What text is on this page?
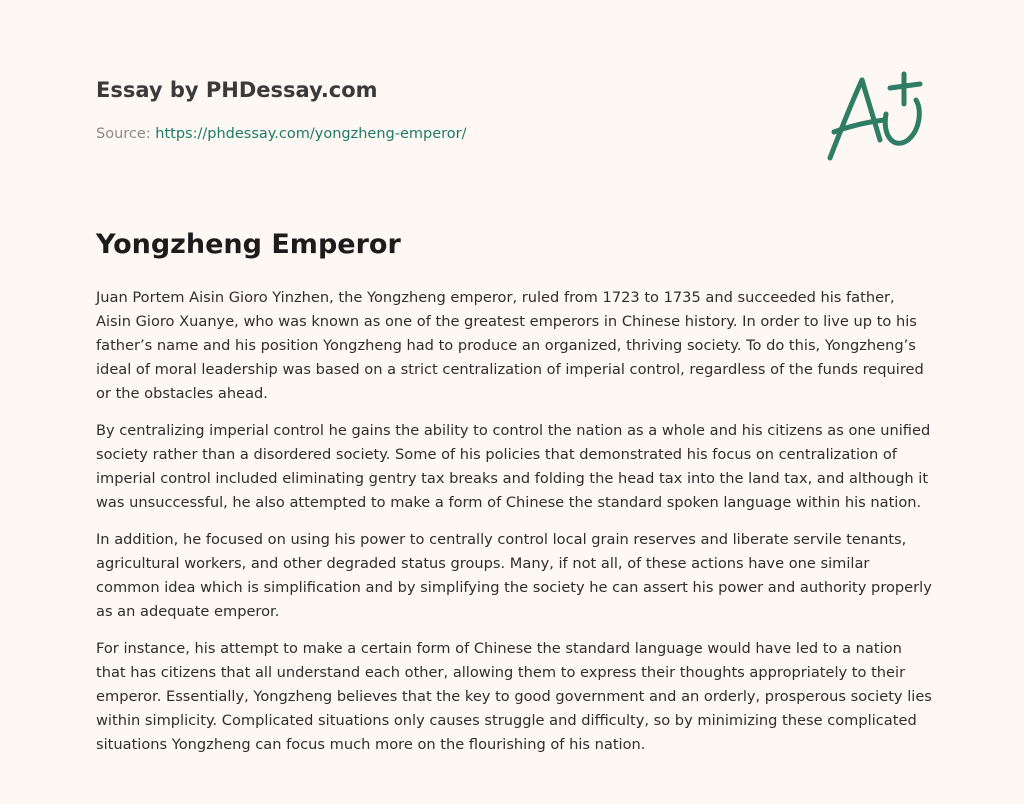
Essay by PHDessay.com
Source: https://phdessay.com/yongzheng-emperor/
Yongzheng Emperor

Juan Portem Aisin Gioro Yinzhen, the Yongzheng emperor, ruled from 1723 to 1735 and succeeded his father, Aisin Gioro Xuanye, who was known as one of the greatest emperors in Chinese history. In order to live up to his father’s name and his position Yongzheng had to produce an organized, thriving society. To do this, Yongzheng’s ideal of moral leadership was based on a strict centralization of imperial control, regardless of the funds required or the obstacles ahead.

By centralizing imperial control he gains the ability to control the nation as a whole and his citizens as one unified society rather than a disordered society. Some of his policies that demonstrated his focus on centralization of imperial control included eliminating gentry tax breaks and folding the head tax into the land tax, and although it was unsuccessful, he also attempted to make a form of Chinese the standard spoken language within his nation.

In addition, he focused on using his power to centrally control local grain reserves and liberate servile tenants, agricultural workers, and other degraded status groups. Many, if not all, of these actions have one similar common idea which is simplification and by simplifying the society he can assert his power and authority properly as an adequate emperor.

For instance, his attempt to make a certain form of Chinese the standard language would have led to a nation that has citizens that all understand each other, allowing them to express their thoughts appropriately to their emperor. Essentially, Yongzheng believes that the key to good government and an orderly, prosperous society lies within simplicity. Complicated situations only causes struggle and difficulty, so by minimizing these complicated situations Yongzheng can focus much more on the flourishing of his nation.
